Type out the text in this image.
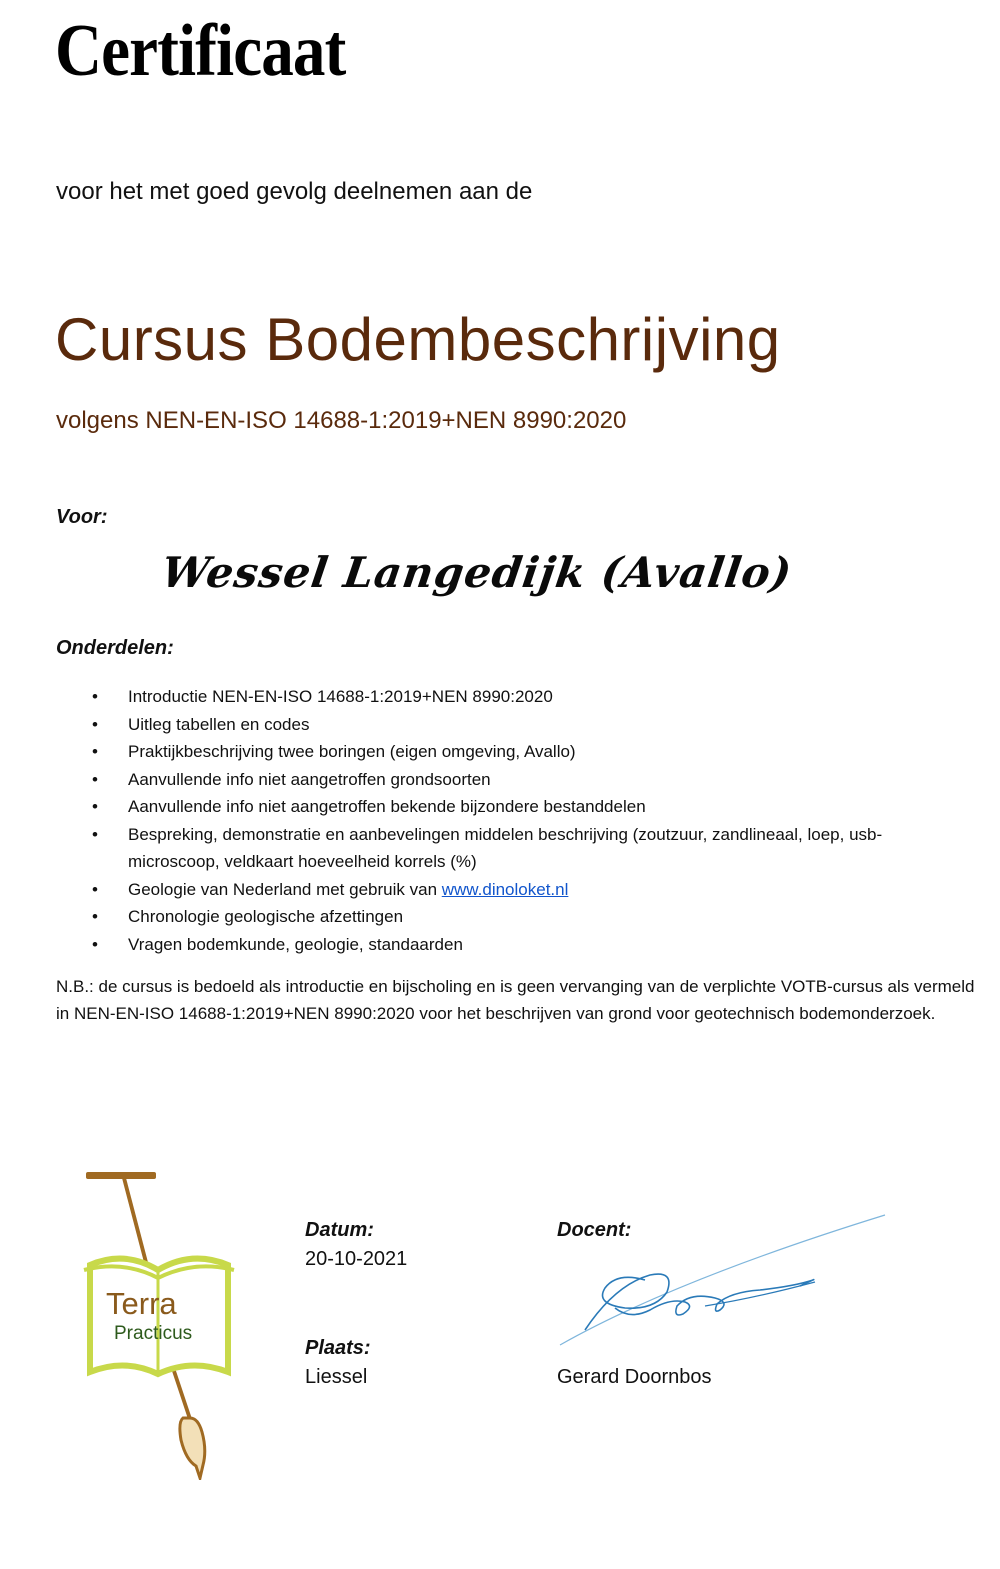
Certificaat
voor het met goed gevolg deelnemen aan de
Cursus Bodembeschrijving
volgens NEN-EN-ISO 14688-1:2019+NEN 8990:2020
Voor:
Wessel Langedijk (Avallo)
Onderdelen:
• Introductie NEN-EN-ISO 14688-1:2019+NEN 8990:2020
• Uitleg tabellen en codes
• Praktijkbeschrijving twee boringen (eigen omgeving, Avallo)
• Aanvullende info niet aangetroffen grondsoorten
• Aanvullende info niet aangetroffen bekende bijzondere bestanddelen
• Bespreking, demonstratie en aanbevelingen middelen beschrijving (zoutzuur, zandlineaal, loep, usb-microscoop, veldkaart hoeveelheid korrels (%)
• Geologie van Nederland met gebruik van www.dinoloket.nl
• Chronologie geologische afzettingen
• Vragen bodemkunde, geologie, standaarden
N.B.: de cursus is bedoeld als introductie en bijscholing en is geen vervanging van de verplichte VOTB-cursus als vermeld in NEN-EN-ISO 14688-1:2019+NEN 8990:2020 voor het beschrijven van grond voor geotechnisch bodemonderzoek.
Terra
Practicus
Datum:
20-10-2021
Plaats:
Liessel
Docent:
Gerard Doornbos
